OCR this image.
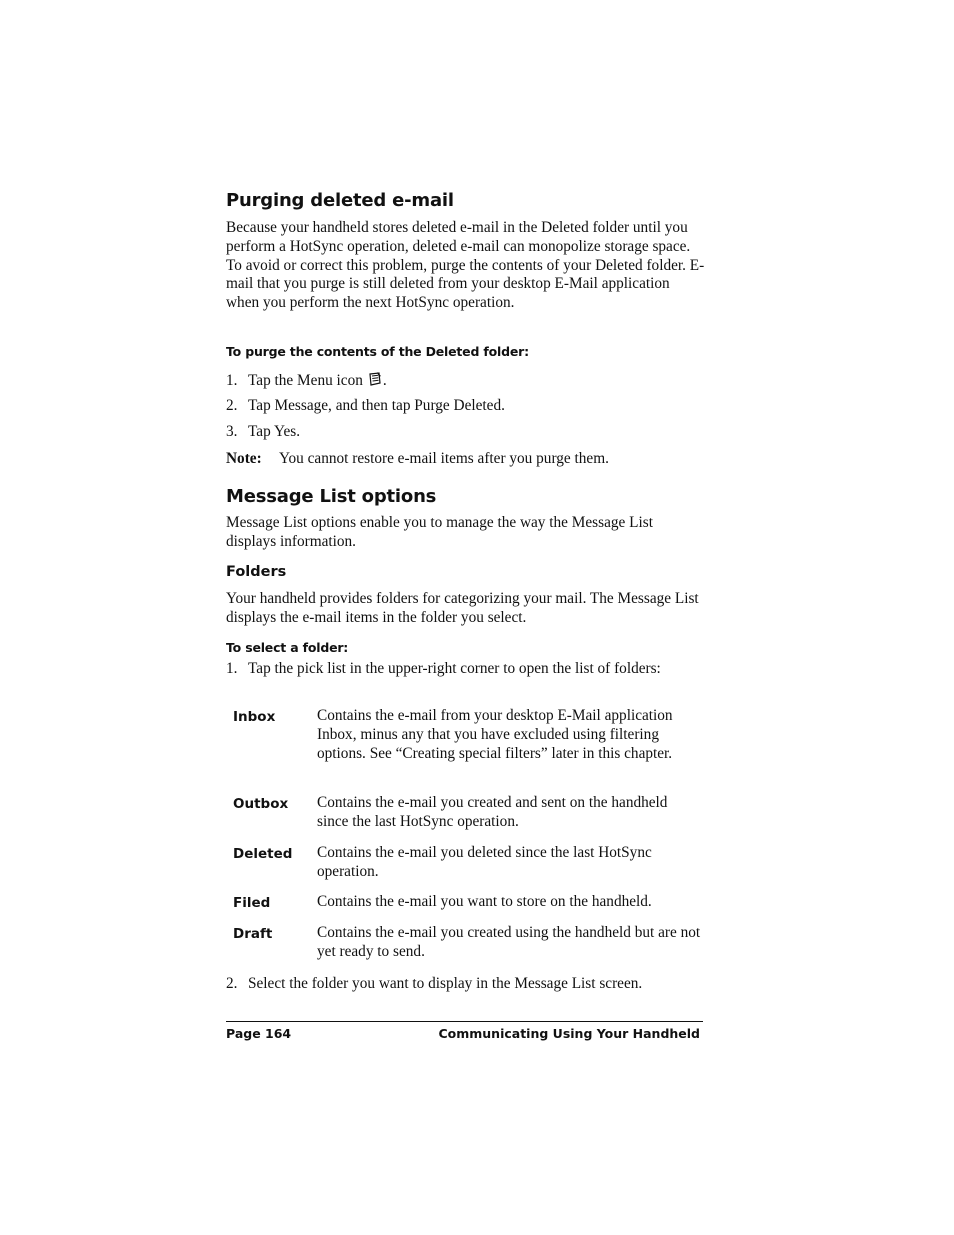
Purging deleted e-mail
Because your handheld stores deleted e-mail in the Deleted folder until you perform a HotSync operation, deleted e-mail can monopolize storage space. To avoid or correct this problem, purge the contents of your Deleted folder. E-mail that you purge is still deleted from your desktop E-Mail application when you perform the next HotSync operation.
To purge the contents of the Deleted folder:
1. Tap the Menu icon .
2. Tap Message, and then tap Purge Deleted.
3. Tap Yes.
Note: You cannot restore e-mail items after you purge them.
Message List options
Message List options enable you to manage the way the Message List displays information.
Folders
Your handheld provides folders for categorizing your mail. The Message List displays the e-mail items in the folder you select.
To select a folder:
1. Tap the pick list in the upper-right corner to open the list of folders:
Inbox	Contains the e-mail from your desktop E-Mail application Inbox, minus any that you have excluded using filtering options. See “Creating special filters” later in this chapter.
Outbox Contains the e-mail you created and sent on the handheld since the last HotSync operation.
Deleted Contains the e-mail you deleted since the last HotSync operation.
Filed	Contains the e-mail you want to store on the handheld.
Draft	Contains the e-mail you created using the handheld but are not yet ready to send.
2. Select the folder you want to display in the Message List screen.
Page 164	Communicating Using Your Handheld
